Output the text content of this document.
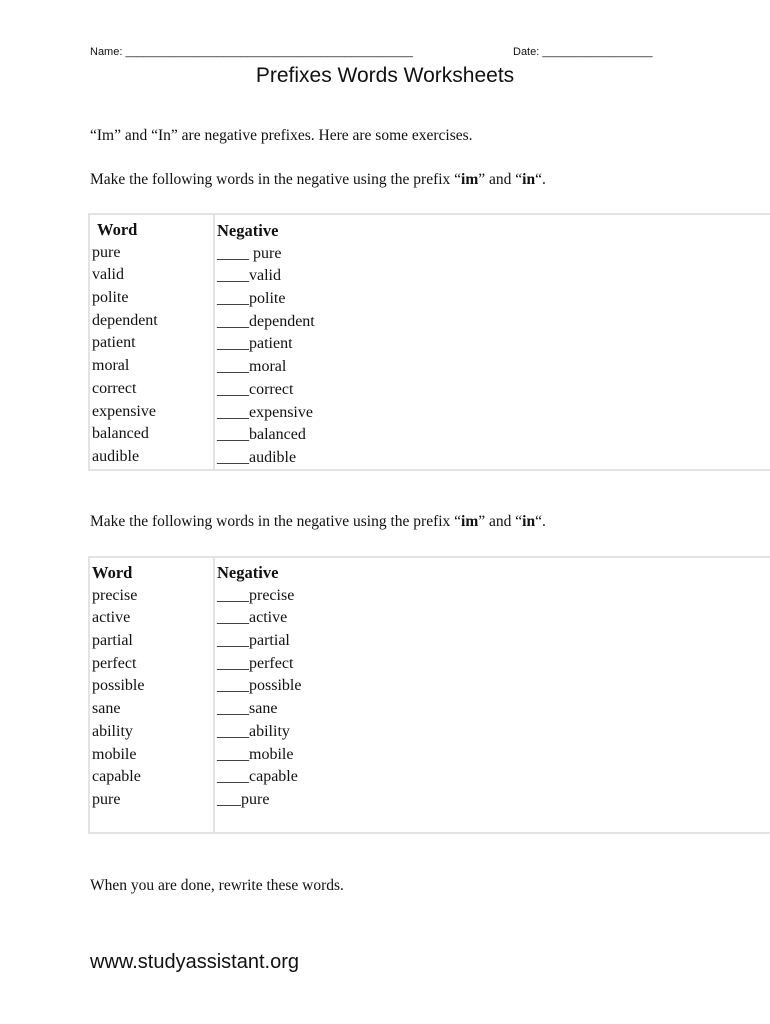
Name: _______________________________________________	Date: __________________
Prefixes Words Worksheets
“Im” and “In” are negative prefixes. Here are some exercises.
Make the following words in the negative using the prefix “im” and “in“.
Word
pure
valid
polite
dependent
patient
moral
correct
expensive
balanced
audible
Negative
____ pure
____valid
____polite
____dependent
____patient
____moral
____correct
____expensive
____balanced
____audible
Make the following words in the negative using the prefix “im” and “in“.
Word
precise
active
partial
perfect
possible
sane
ability
mobile
capable
pure
Negative
____precise
____active
____partial
____perfect
____possible
____sane
____ability
____mobile
____capable
___pure
When you are done, rewrite these words.
www.studyassistant.org
